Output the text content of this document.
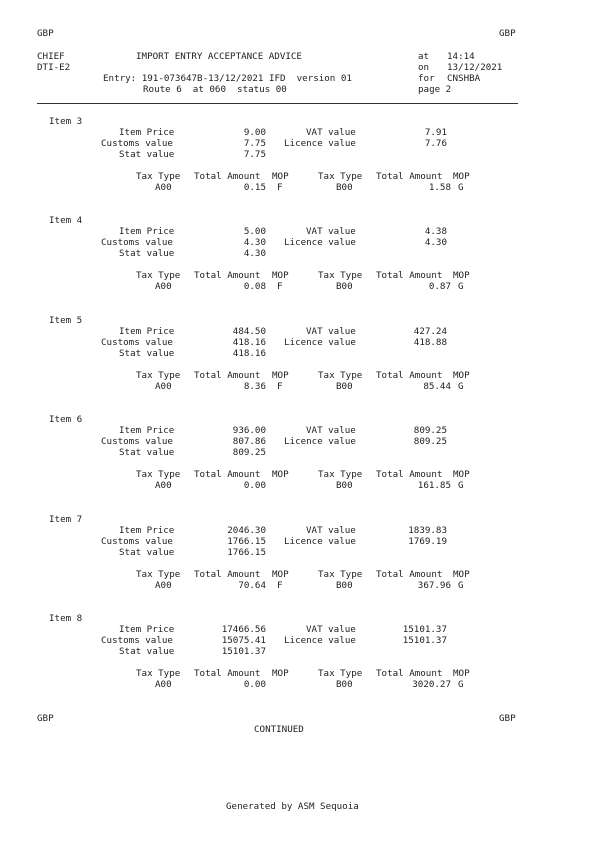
GBP	GBP
CHIEF	IMPORT ENTRY ACCEPTANCE ADVICE	at 14:14
DTI-E2	on 13/12/2021
Entry: 191-073647B-13/12/2021 IFD  version 01	for CNSHBA
Route 6  at 060  status 00	page 2
Item 3
Item Price	9.00	VAT value	7.91
Customs value	7.75 Licence value	7.76
Stat value	7.75
Tax Type Total Amount MOP	Tax Type Total Amount MOP
A00	0.15 F	B00	1.58 G
Item 4
Item Price	5.00	VAT value	4.38
Customs value	4.30 Licence value	4.30
Stat value	4.30
Tax Type Total Amount MOP	Tax Type Total Amount MOP
A00	0.08 F	B00	0.87 G
Item 5
Item Price	484.50	VAT value	427.24
Customs value	418.16 Licence value	418.88
Stat value	418.16
Tax Type Total Amount MOP	Tax Type Total Amount MOP
A00	8.36 F	B00	85.44 G
Item 6
Item Price	936.00	VAT value	809.25
Customs value	807.86 Licence value	809.25
Stat value	809.25
Tax Type Total Amount MOP	Tax Type Total Amount MOP
A00	0.00	B00	161.85 G
Item 7
Item Price	2046.30	VAT value	1839.83
Customs value	1766.15 Licence value	1769.19
Stat value	1766.15
Tax Type Total Amount MOP	Tax Type Total Amount MOP
A00	70.64 F	B00	367.96 G
Item 8
Item Price	17466.56	VAT value	15101.37
Customs value	15075.41 Licence value	15101.37
Stat value	15101.37
Tax Type Total Amount MOP	Tax Type Total Amount MOP
A00	0.00	B00	3020.27 G
GBP	GBP
CONTINUED
Generated by ASM Sequoia
